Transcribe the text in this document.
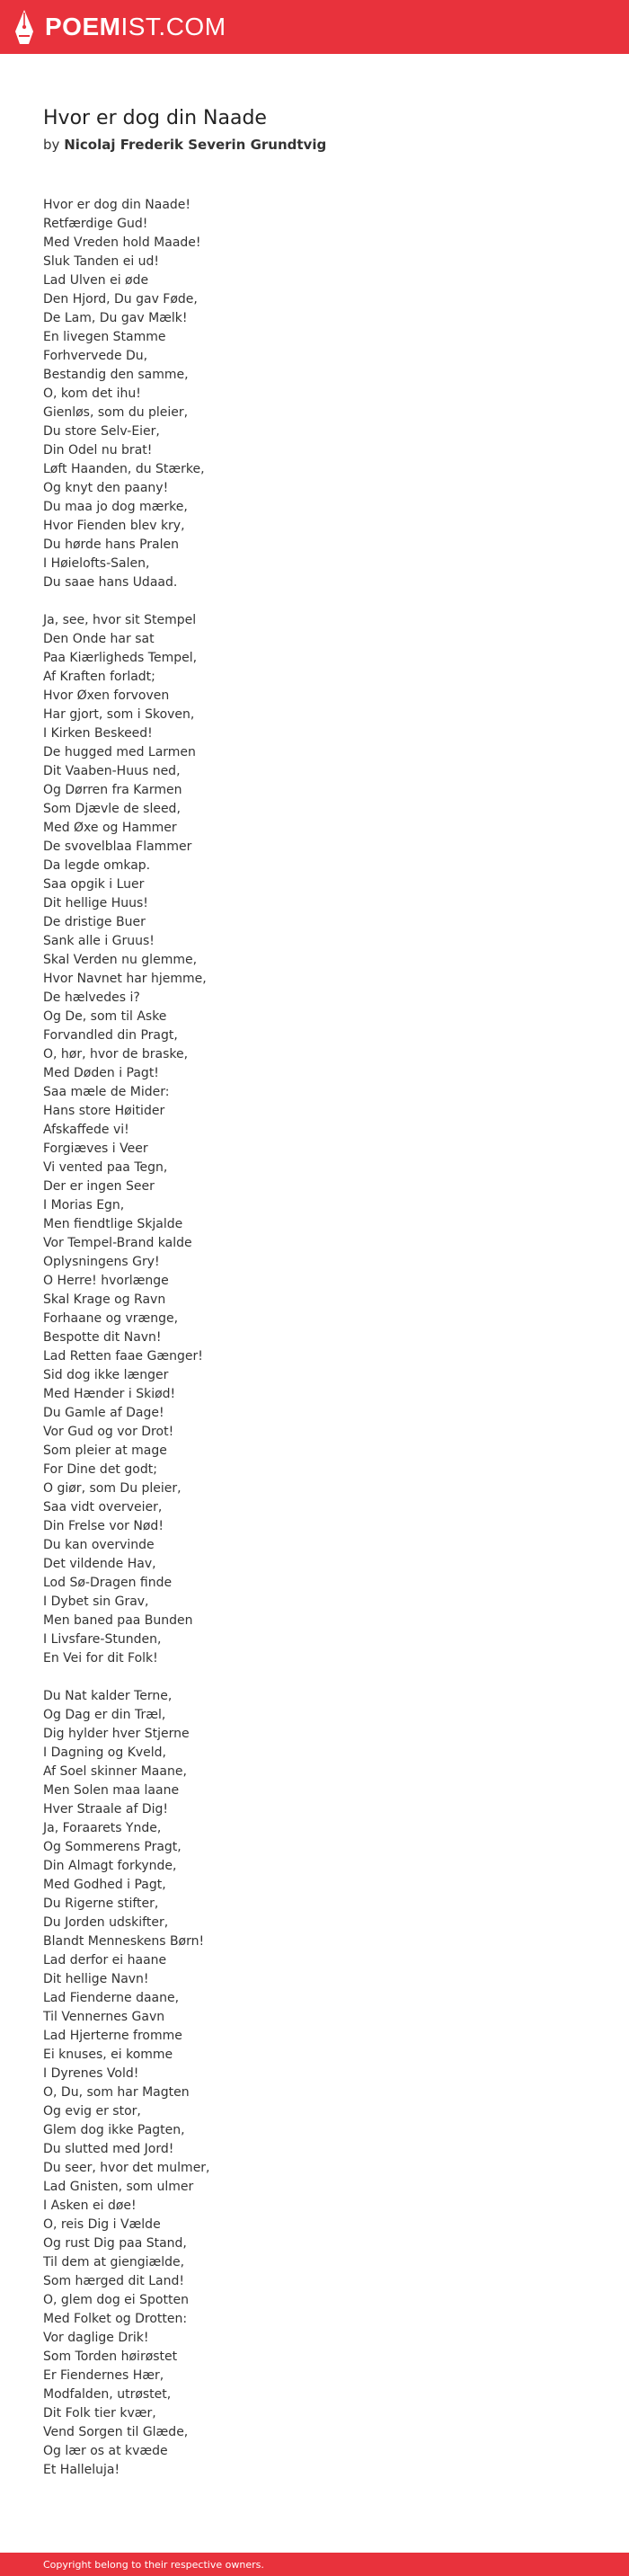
POEMIST.COM
Hvor er dog din Naade
by Nicolaj Frederik Severin Grundtvig
Hvor er dog din Naade!
Retfærdige Gud!
Med Vreden hold Maade!
Sluk Tanden ei ud!
Lad Ulven ei øde
Den Hjord, Du gav Føde,
De Lam, Du gav Mælk!
En livegen Stamme
Forhvervede Du,
Bestandig den samme,
O, kom det ihu!
Gienløs, som du pleier,
Du store Selv-Eier,
Din Odel nu brat!
Løft Haanden, du Stærke,
Og knyt den paany!
Du maa jo dog mærke,
Hvor Fienden blev kry,
Du hørde hans Pralen
I Høielofts-Salen,
Du saae hans Udaad.
Ja, see, hvor sit Stempel
Den Onde har sat
Paa Kiærligheds Tempel,
Af Kraften forladt;
Hvor Øxen forvoven
Har gjort, som i Skoven,
I Kirken Beskeed!
De hugged med Larmen
Dit Vaaben-Huus ned,
Og Dørren fra Karmen
Som Djævle de sleed,
Med Øxe og Hammer
De svovelblaa Flammer
Da legde omkap.
Saa opgik i Luer
Dit hellige Huus!
De dristige Buer
Sank alle i Gruus!
Skal Verden nu glemme,
Hvor Navnet har hjemme,
De hælvedes i?
Og De, som til Aske
Forvandled din Pragt,
O, hør, hvor de braske,
Med Døden i Pagt!
Saa mæle de Mider:
Hans store Høitider
Afskaffede vi!
Forgiæves i Veer
Vi vented paa Tegn,
Der er ingen Seer
I Morias Egn,
Men fiendtlige Skjalde
Vor Tempel-Brand kalde
Oplysningens Gry!
O Herre! hvorlænge
Skal Krage og Ravn
Forhaane og vrænge,
Bespotte dit Navn!
Lad Retten faae Gænger!
Sid dog ikke længer
Med Hænder i Skiød!
Du Gamle af Dage!
Vor Gud og vor Drot!
Som pleier at mage
For Dine det godt;
O giør, som Du pleier,
Saa vidt overveier,
Din Frelse vor Nød!
Du kan overvinde
Det vildende Hav,
Lod Sø-Dragen finde
I Dybet sin Grav,
Men baned paa Bunden
I Livsfare-Stunden,
En Vei for dit Folk!
Du Nat kalder Terne,
Og Dag er din Træl,
Dig hylder hver Stjerne
I Dagning og Kveld,
Af Soel skinner Maane,
Men Solen maa laane
Hver Straale af Dig!
Ja, Foraarets Ynde,
Og Sommerens Pragt,
Din Almagt forkynde,
Med Godhed i Pagt,
Du Rigerne stifter,
Du Jorden udskifter,
Blandt Menneskens Børn!
Lad derfor ei haane
Dit hellige Navn!
Lad Fienderne daane,
Til Vennernes Gavn
Lad Hjerterne fromme
Ei knuses, ei komme
I Dyrenes Vold!
O, Du, som har Magten
Og evig er stor,
Glem dog ikke Pagten,
Du slutted med Jord!
Du seer, hvor det mulmer,
Lad Gnisten, som ulmer
I Asken ei døe!
O, reis Dig i Vælde
Og rust Dig paa Stand,
Til dem at giengiælde,
Som hærged dit Land!
O, glem dog ei Spotten
Med Folket og Drotten:
Vor daglige Drik!
Som Torden høirøstet
Er Fiendernes Hær,
Modfalden, utrøstet,
Dit Folk tier kvær,
Vend Sorgen til Glæde,
Og lær os at kvæde
Et Halleluja!
Copyright belong to their respective owners.
